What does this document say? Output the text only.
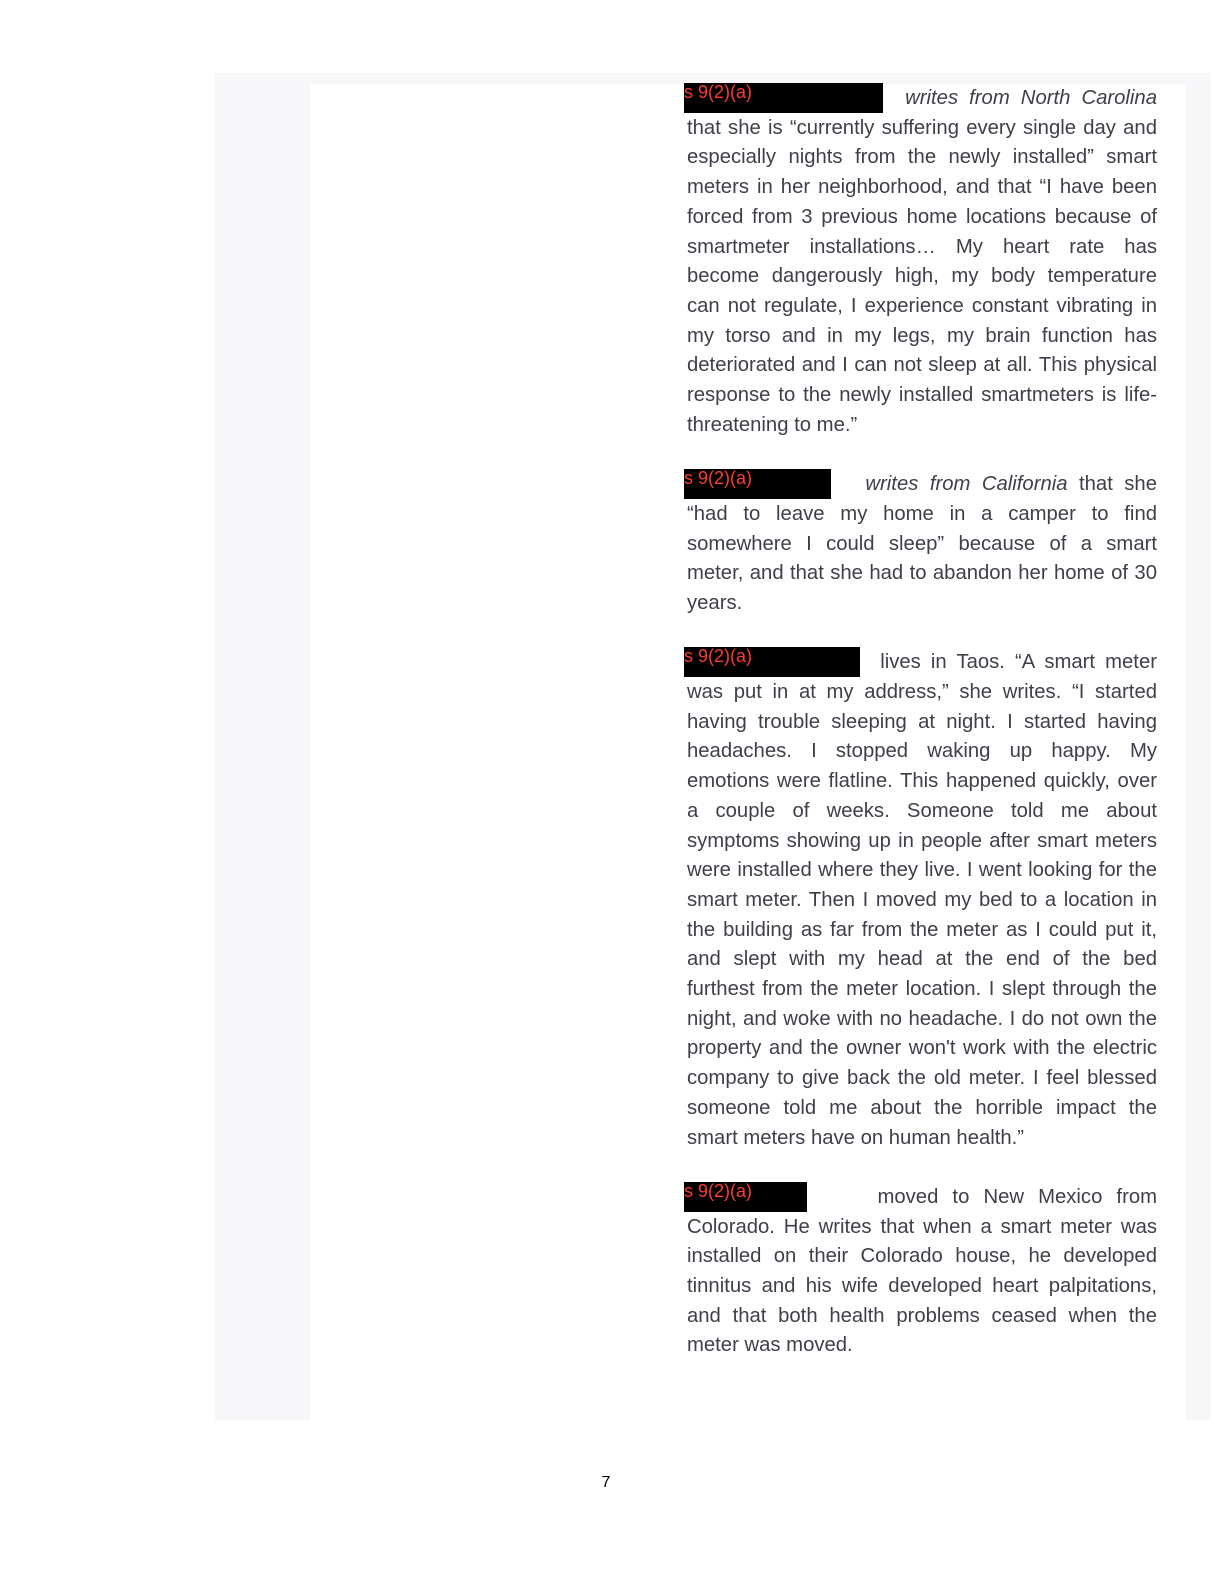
s 9(2)(a)	writes from North Carolina that she is “currently suffering every single day and especially nights from the newly installed” smart meters in her neighborhood, and that “I have been forced from 3 previous home locations because of smartmeter installations… My heart rate has become dangerously high, my body temperature can not regulate, I experience constant vibrating in my torso and in my legs, my brain function has deteriorated and I can not sleep at all. This physical response to the newly installed smartmeters is life-threatening to me.”

s 9(2)(a)	writes from California that she “had to leave my home in a camper to find somewhere I could sleep” because of a smart meter, and that she had to abandon her home of 30 years.

s 9(2)(a)	lives in Taos. “A smart meter was put in at my address,” she writes. “I started having trouble sleeping at night. I started having headaches. I stopped waking up happy. My emotions were flatline. This happened quickly, over a couple of weeks. Someone told me about symptoms showing up in people after smart meters were installed where they live. I went looking for the smart meter. Then I moved my bed to a location in the building as far from the meter as I could put it, and slept with my head at the end of the bed furthest from the meter location. I slept through the night, and woke with no headache. I do not own the property and the owner won't work with the electric company to give back the old meter. I feel blessed someone told me about the horrible impact the smart meters have on human health.”

s 9(2)(a)	moved to New Mexico from Colorado. He writes that when a smart meter was installed on their Colorado house, he developed tinnitus and his wife developed heart palpitations, and that both health problems ceased when the meter was moved.

7
